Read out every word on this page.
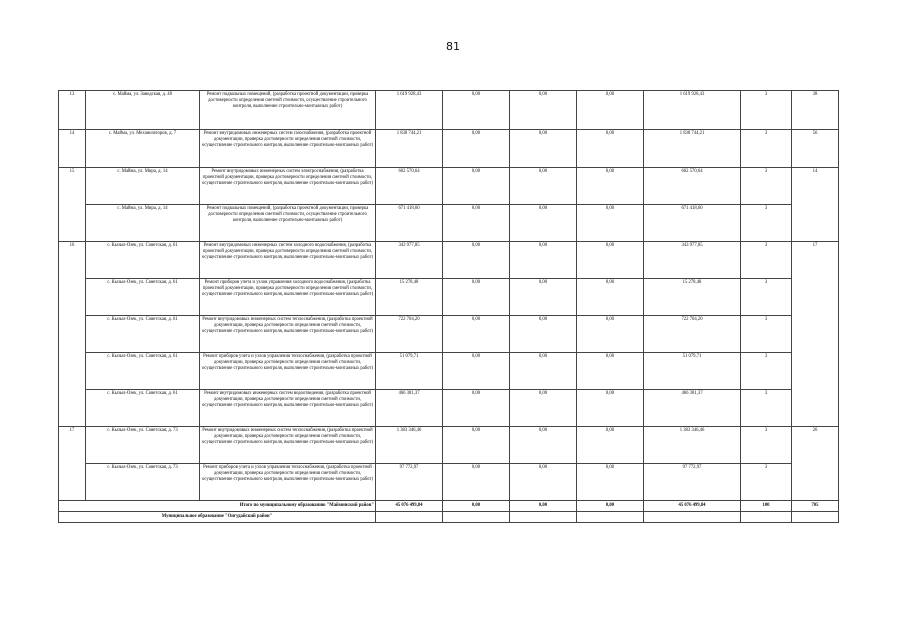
81
13	с. Майма, ул. Заводская, д. 48	Ремонт подвальных помещений, (разработка проектной документации, проверка достоверности определения сметной стоимости, осуществление строительного контроля, выполнение строительно-монтажных работ)	1 619 928,43	0,00	0,00	0,00	1 619 928,43	3	38
14	с. Майма, ул. Механизаторов, д. 7	Ремонт внутридомовых инженерных систем газоснабжения, (разработка проектной документации, проверка достоверности определения сметной стоимости, осуществление строительного контроля, выполнение строительно-монтажных работ)	1 838 744,21	0,00	0,00	0,00	1 838 744,21	3	56
15	с. Майма, ул. Мира, д. 14	Ремонт внутридомовых инженерных систем электроснабжения, (разработка проектной документации, проверка достоверности определения сметной стоимости, осуществление строительного контроля, выполнение строительно-монтажных работ)	602 570,64	0,00	0,00	0,00	602 570,64	3	14
	с. Майма, ул. Мира, д. 14	Ремонт подвальных помещений, (разработка проектной документации, проверка достоверности определения сметной стоимости, осуществление строительного контроля, выполнение строительно-монтажных работ)	671 418,60	0,00	0,00	0,00	671 418,60	3	
16	с. Кызыл-Озек, ул. Советская, д. 61	Ремонт внутридомовых инженерных систем холодного водоснабжения, (разработка проектной документации, проверка достоверности определения сметной стоимости, осуществление строительного контроля, выполнение строительно-монтажных работ)	343 977,85	0,00	0,00	0,00	343 977,85	3	17
	с. Кызыл-Озек, ул. Советская, д. 61	Ремонт приборов учета и узлов управления холодного водоснабжения, (разработка проектной документации, проверка достоверности определения сметной стоимости, осуществление строительного контроля, выполнение строительно-монтажных работ)	15 278,48	0,00	0,00	0,00	15 278,48	3	
	с. Кызыл-Озек, ул. Советская, д. 61	Ремонт внутридомовых инженерных систем теплоснабжения, (разработка проектной документации, проверка достоверности определения сметной стоимости, осуществление строительного контроля, выполнение строительно-монтажных работ)	722 704,20	0,00	0,00	0,00	722 704,20	3	
	с. Кызыл-Озек, ул. Советская, д. 61	Ремонт приборов учета и узлов управления теплоснабжения, (разработка проектной документации, проверка достоверности определения сметной стоимости, осуществление строительного контроля, выполнение строительно-монтажных работ)	51 079,71	0,00	0,00	0,00	51 079,71	3	
	с. Кызыл-Озек, ул. Советская, д. 61	Ремонт внутридомовых инженерных систем водоотведения, (разработка проектной документации, проверка достоверности определения сметной стоимости, осуществление строительного контроля, выполнение строительно-монтажных работ)	466 381,37	0,00	0,00	0,00	466 381,37	3	
17	с. Кызыл-Озек, ул. Советская, д. 73	Ремонт внутридомовых инженерных систем теплоснабжения, (разработка проектной документации, проверка достоверности определения сметной стоимости, осуществление строительного контроля, выполнение строительно-монтажных работ)	1 383 346,46	0,00	0,00	0,00	1 383 346,46	3	26
	с. Кызыл-Озек, ул. Советская, д. 73	Ремонт приборов учета и узлов управления теплоснабжения, (разработка проектной документации, проверка достоверности определения сметной стоимости, осуществление строительного контроля, выполнение строительно-монтажных работ)	97 772,97	0,00	0,00	0,00	97 772,97	3	
Итого по муниципальному образованию "Майминский район"			45 076 499,84	0,00	0,00	0,00	45 076 499,84	100	705
Муниципальное образование "Онгудайский район"									
